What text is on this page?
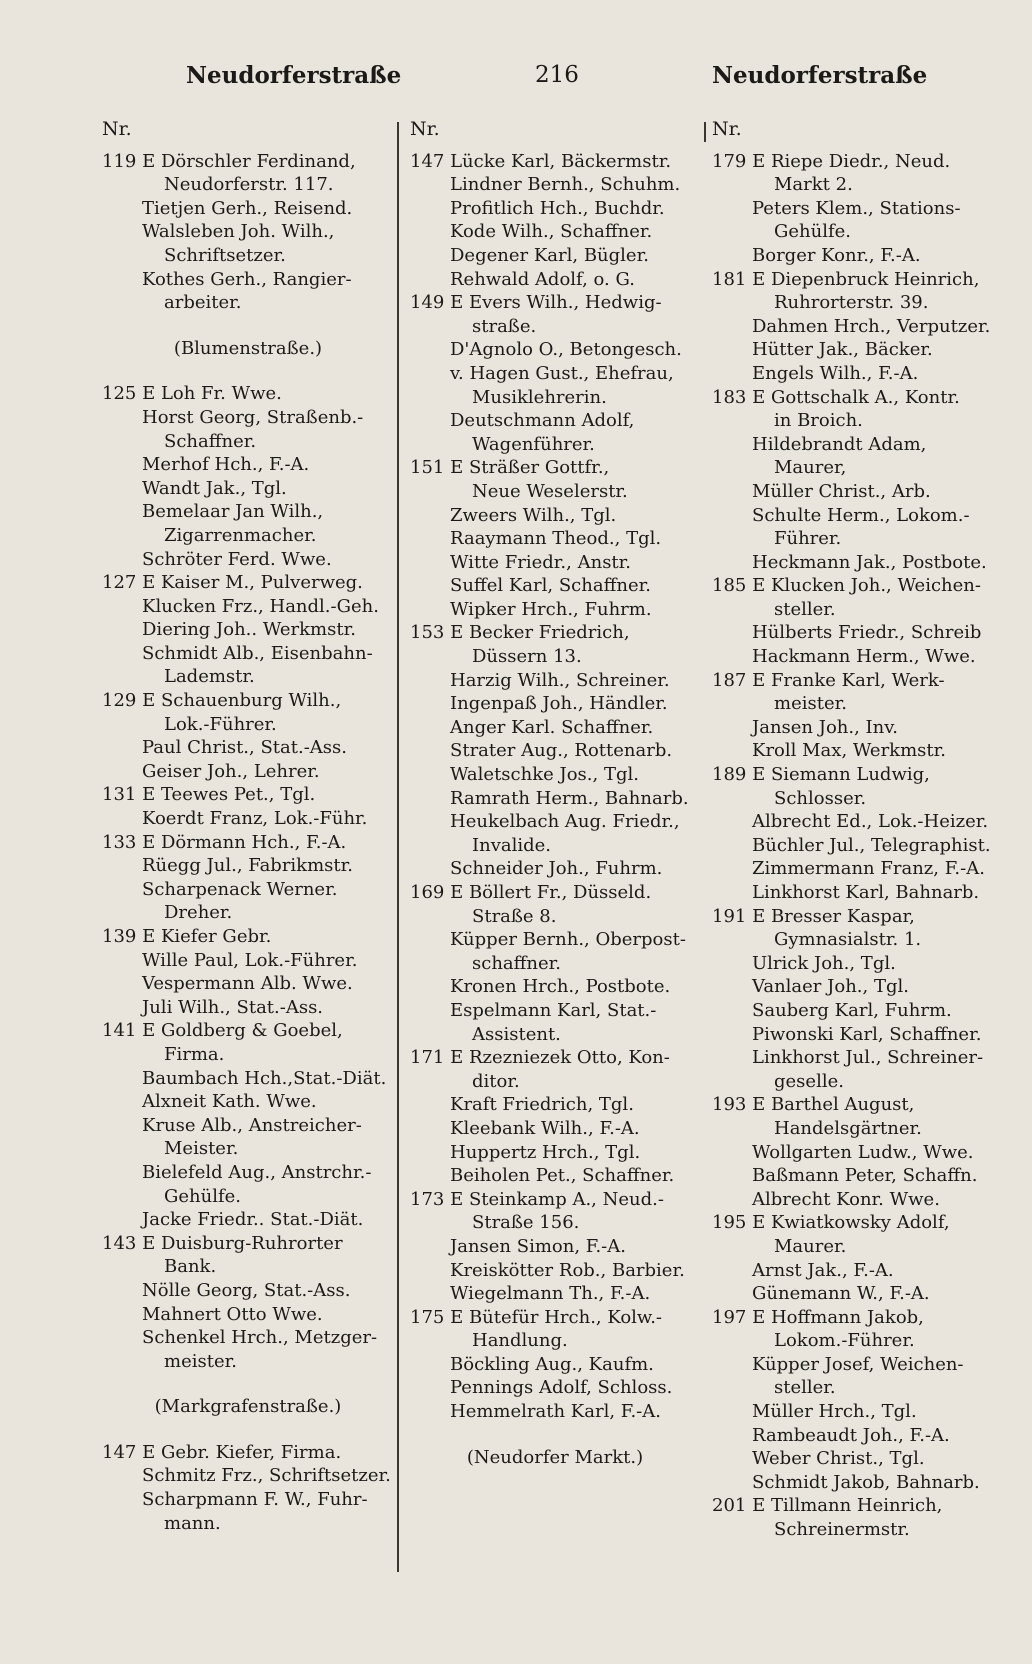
Neudorferstraße	216	Neudorferstraße
Nr.
119 E Dörschler Ferdinand,
Neudorferstr. 117.
Tietjen Gerh., Reisend.
Walsleben Joh. Wilh.,
Schriftsetzer.
Kothes Gerh., Rangier-
arbeiter.
(Blumenstraße.)
125 E Loh Fr. Wwe.
Horst Georg, Straßenb.-
Schaffner.
Merhof Hch., F.-A.
Wandt Jak., Tgl.
Bemelaar Jan Wilh.,
Zigarrenmacher.
Schröter Ferd. Wwe.
127 E Kaiser M., Pulverweg.
Klucken Frz., Handl.-Geh.
Diering Joh.. Werkmstr.
Schmidt Alb., Eisenbahn-
Lademstr.
129 E Schauenburg Wilh.,
Lok.-Führer.
Paul Christ., Stat.-Ass.
Geiser Joh., Lehrer.
131 E Teewes Pet., Tgl.
Koerdt Franz, Lok.-Führ.
133 E Dörmann Hch., F.-A.
Rüegg Jul., Fabrikmstr.
Scharpenack Werner.
Dreher.
139 E Kiefer Gebr.
Wille Paul, Lok.-Führer.
Vespermann Alb. Wwe.
Juli Wilh., Stat.-Ass.
141 E Goldberg & Goebel,
Firma.
Baumbach Hch.,Stat.-Diät.
Alxneit Kath. Wwe.
Kruse Alb., Anstreicher-
Meister.
Bielefeld Aug., Anstrchr.-
Gehülfe.
Jacke Friedr.. Stat.-Diät.
143 E Duisburg-Ruhrorter
Bank.
Nölle Georg, Stat.-Ass.
Mahnert Otto Wwe.
Schenkel Hrch., Metzger-
meister.
(Markgrafenstraße.)
147 E Gebr. Kiefer, Firma.
Schmitz Frz., Schriftsetzer.
Scharpmann F. W., Fuhr-
mann.
Nr.
147 Lücke Karl, Bäckermstr.
Lindner Bernh., Schuhm.
Profitlich Hch., Buchdr.
Kode Wilh., Schaffner.
Degener Karl, Bügler.
Rehwald Adolf, o. G.
149 E Evers Wilh., Hedwig-
straße.
D'Agnolo O., Betongesch.
v. Hagen Gust., Ehefrau,
Musiklehrerin.
Deutschmann Adolf,
Wagenführer.
151 E Sträßer Gottfr.,
Neue Weselerstr.
Zweers Wilh., Tgl.
Raaymann Theod., Tgl.
Witte Friedr., Anstr.
Suffel Karl, Schaffner.
Wipker Hrch., Fuhrm.
153 E Becker Friedrich,
Düssern 13.
Harzig Wilh., Schreiner.
Ingenpaß Joh., Händler.
Anger Karl. Schaffner.
Strater Aug., Rottenarb.
Waletschke Jos., Tgl.
Ramrath Herm., Bahnarb.
Heukelbach Aug. Friedr.,
Invalide.
Schneider Joh., Fuhrm.
169 E Böllert Fr., Düsseld.
Straße 8.
Küpper Bernh., Oberpost-
schaffner.
Kronen Hrch., Postbote.
Espelmann Karl, Stat.-
Assistent.
171 E Rzezniezek Otto, Kon-
ditor.
Kraft Friedrich, Tgl.
Kleebank Wilh., F.-A.
Huppertz Hrch., Tgl.
Beiholen Pet., Schaffner.
173 E Steinkamp A., Neud.-
Straße 156.
Jansen Simon, F.-A.
Kreiskötter Rob., Barbier.
Wiegelmann Th., F.-A.
175 E Bütefür Hrch., Kolw.-
Handlung.
Böckling Aug., Kaufm.
Pennings Adolf, Schloss.
Hemmelrath Karl, F.-A.
(Neudorfer Markt.)
Nr.
179 E Riepe Diedr., Neud.
Markt 2.
Peters Klem., Stations-
Gehülfe.
Borger Konr., F.-A.
181 E Diepenbruck Heinrich,
Ruhrorterstr. 39.
Dahmen Hrch., Verputzer.
Hütter Jak., Bäcker.
Engels Wilh., F.-A.
183 E Gottschalk A., Kontr.
in Broich.
Hildebrandt Adam,
Maurer,
Müller Christ., Arb.
Schulte Herm., Lokom.-
Führer.
Heckmann Jak., Postbote.
185 E Klucken Joh., Weichen-
steller.
Hülberts Friedr., Schreib
Hackmann Herm., Wwe.
187 E Franke Karl, Werk-
meister.
Jansen Joh., Inv.
Kroll Max, Werkmstr.
189 E Siemann Ludwig,
Schlosser.
Albrecht Ed., Lok.-Heizer.
Büchler Jul., Telegraphist.
Zimmermann Franz, F.-A.
Linkhorst Karl, Bahnarb.
191 E Bresser Kaspar,
Gymnasialstr. 1.
Ulrick Joh., Tgl.
Vanlaer Joh., Tgl.
Sauberg Karl, Fuhrm.
Piwonski Karl, Schaffner.
Linkhorst Jul., Schreiner-
geselle.
193 E Barthel August,
Handelsgärtner.
Wollgarten Ludw., Wwe.
Baßmann Peter, Schaffn.
Albrecht Konr. Wwe.
195 E Kwiatkowsky Adolf,
Maurer.
Arnst Jak., F.-A.
Günemann W., F.-A.
197 E Hoffmann Jakob,
Lokom.-Führer.
Küpper Josef, Weichen-
steller.
Müller Hrch., Tgl.
Rambeaudt Joh., F.-A.
Weber Christ., Tgl.
Schmidt Jakob, Bahnarb.
201 E Tillmann Heinrich,
Schreinermstr.
